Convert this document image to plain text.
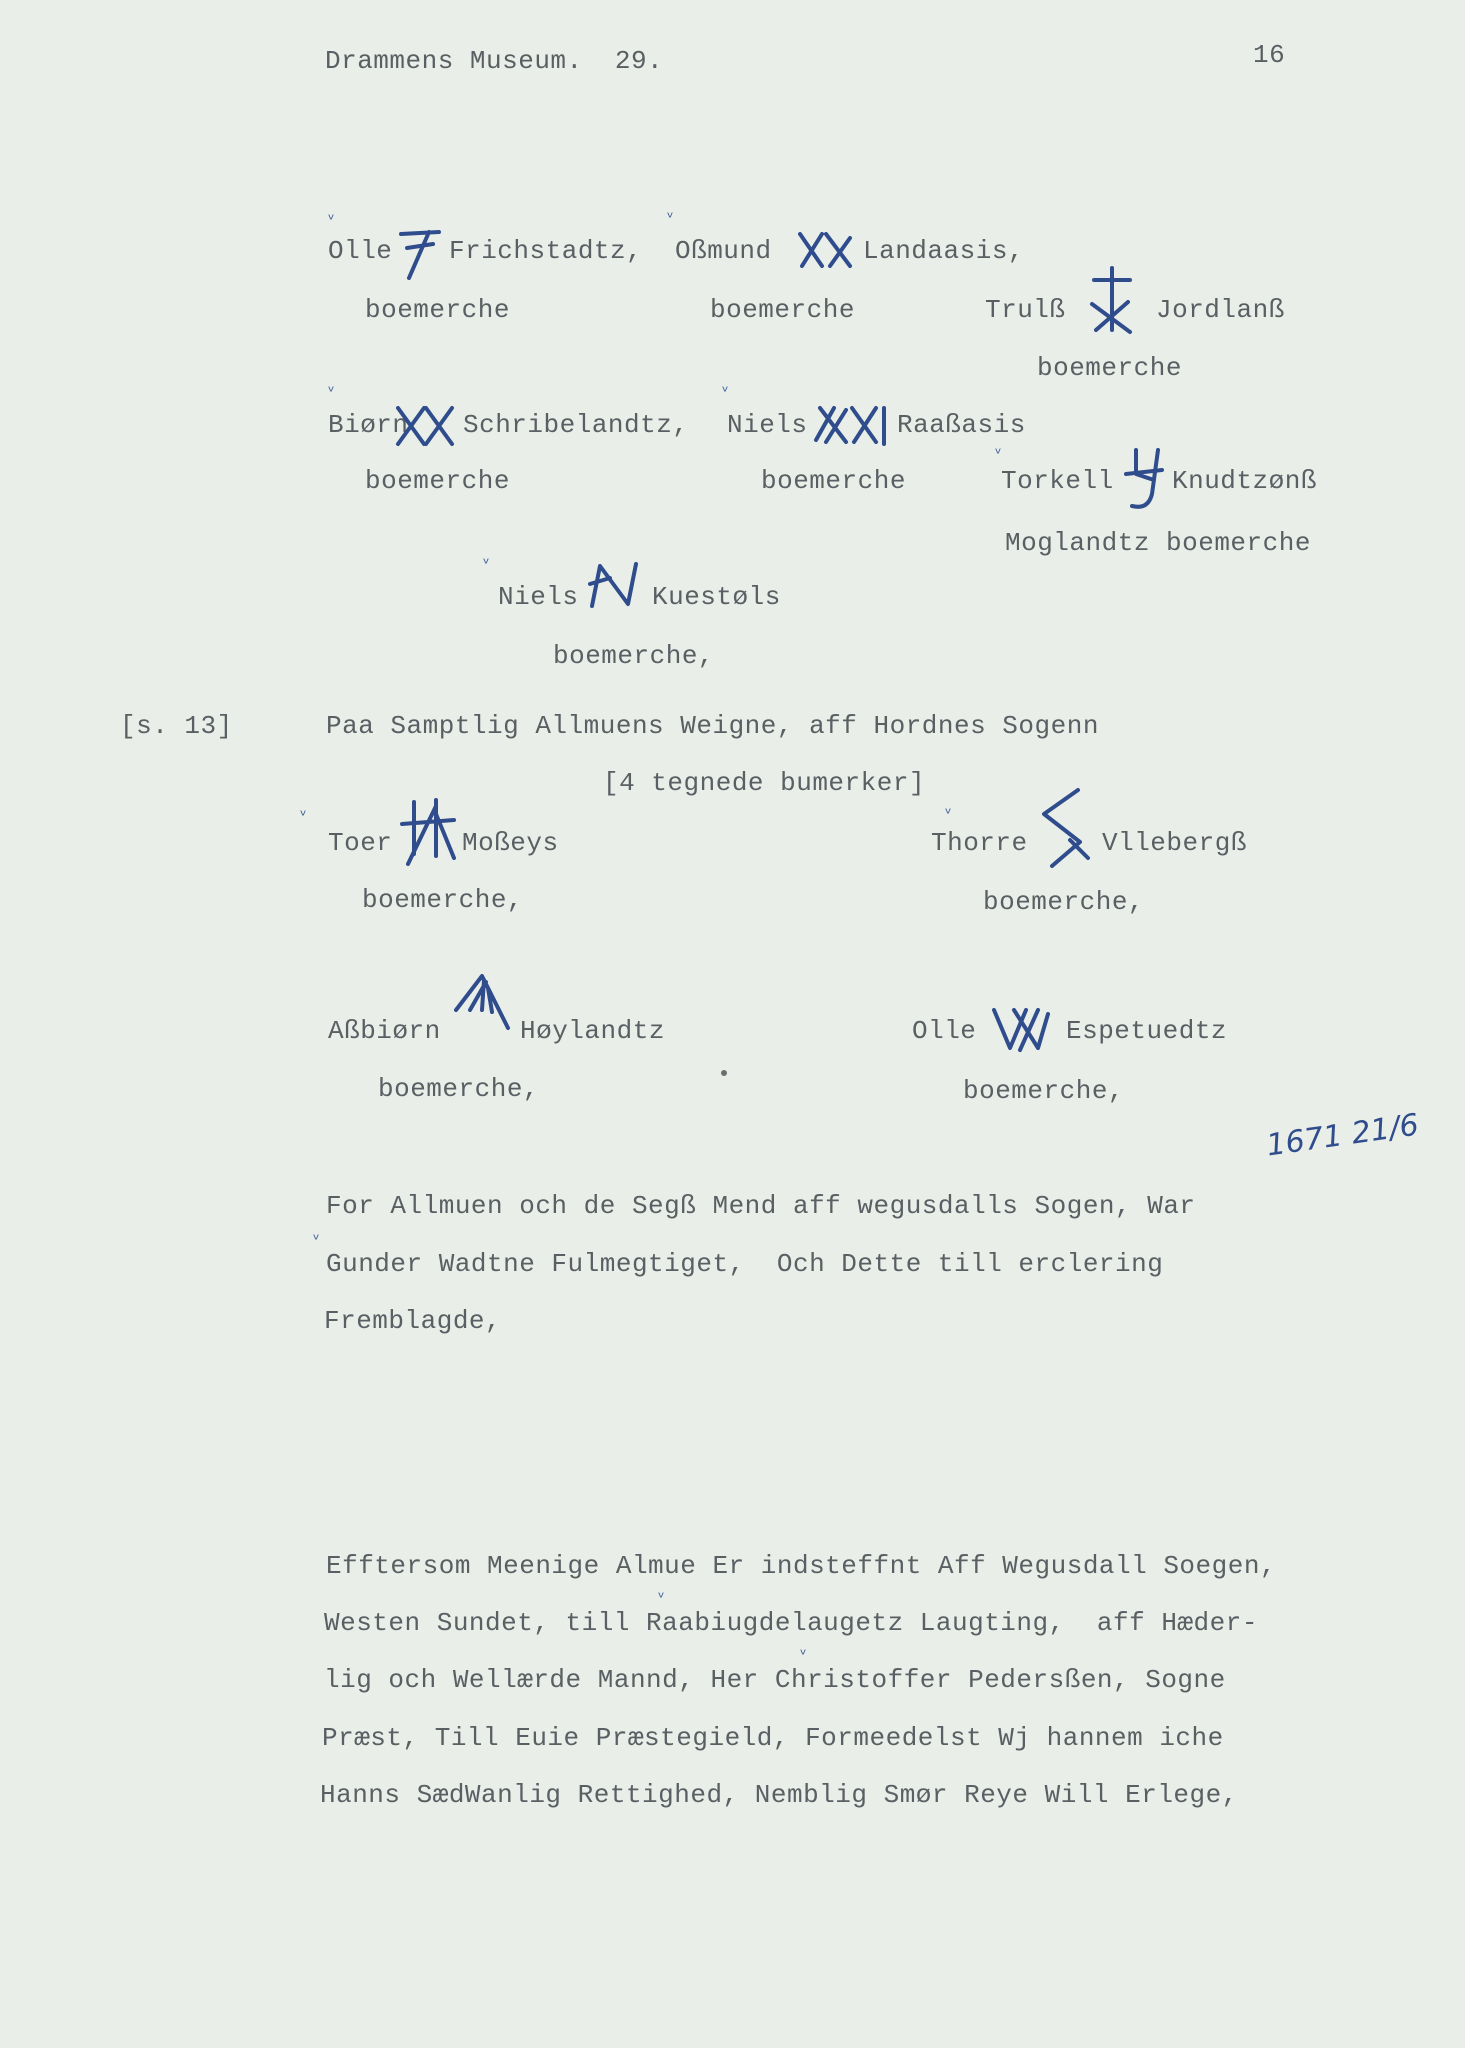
Drammens Museum.  29.	16
ᵛ
Olle Frichstadtz,
ᵛ
Oßmund	Landaasis,
boemerche	boemerche	Trulß	Jordlanß
boemerche
ᵛ
Biørn Schribelandtz,
ᵛ
Niels	Raaßasis
boemerche	boemerche
ᵛ
Torkell Knudtzønß
Moglandtz boemerche
ᵛ
Niels	Kuestøls
boemerche,
[s. 13]	Paa Samptlig Allmuens Weigne, aff Hordnes Sogenn
[4 tegnede bumerker]
ᵛ
Toer	Moßeys
ᵛ
Thorre	Vllebergß
boemerche,	boemerche,
Aßbiørn	Høylandtz	Olle	Espetuedtz
boemerche,	boemerche,
1671 21/6
For Allmuen och de Segß Mend aff wegusdalls Sogen, War
ᵛ
Gunder Wadtne Fulmegtiget,  Och Dette till erclering
Fremblagde,
Efftersom Meenige Almue Er indsteffnt Aff Wegusdall Soegen,
ᵛ
Westen Sundet, till Raabiugdelaugetz Laugting,  aff Hæder-
ᵛ
lig och Wellærde Mannd, Her Christoffer Pedersßen, Sogne
Præst, Till Euie Præstegield, Formeedelst Wj hannem iche
Hanns SædWanlig Rettighed, Nemblig Smør Reye Will Erlege,
